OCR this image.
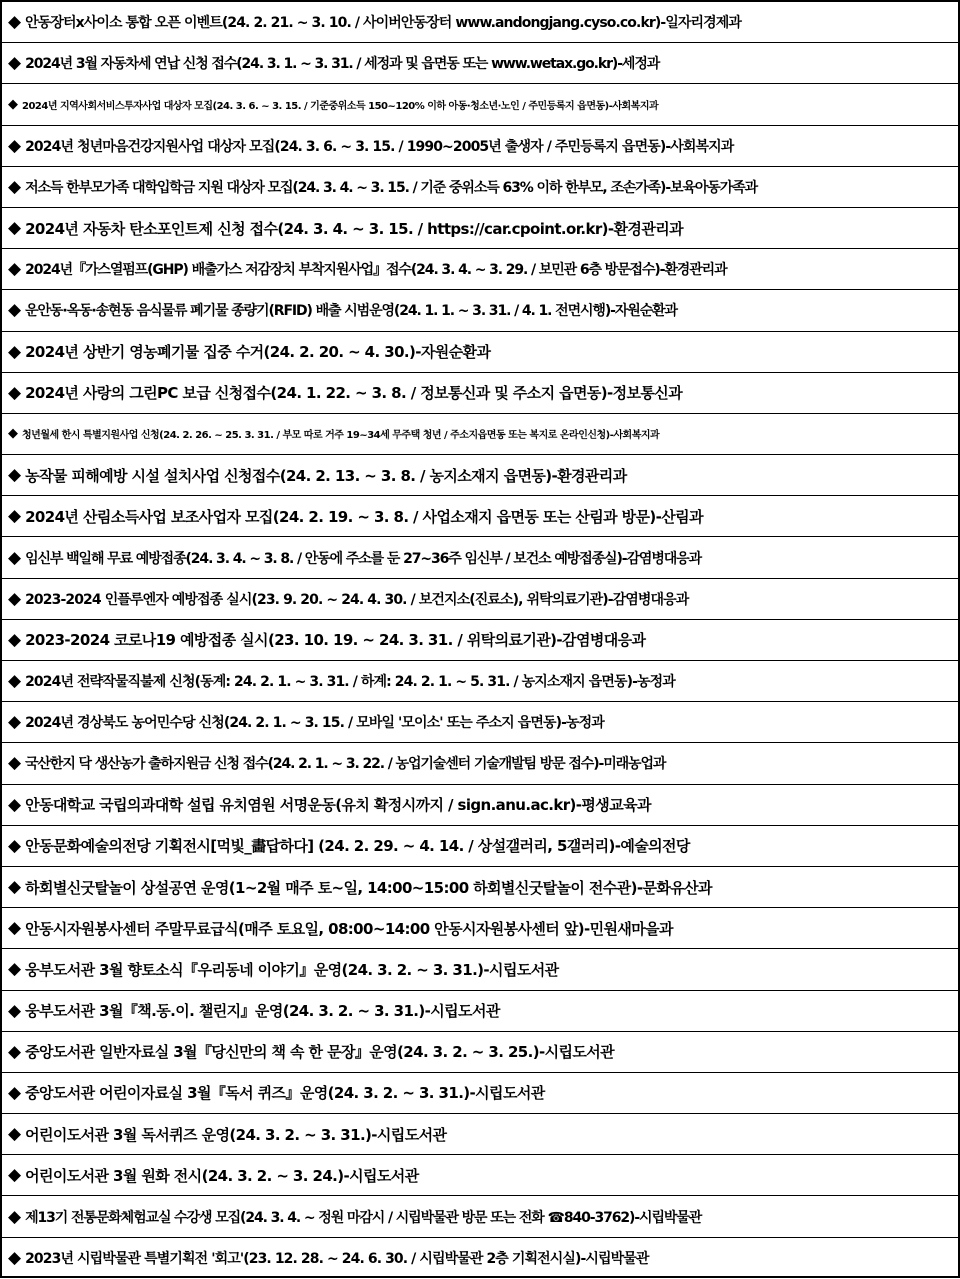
◆ 안동장터x사이소 통합 오픈 이벤트(24. 2. 21. ~ 3. 10. / 사이버안동장터 www.andongjang.cyso.co.kr)-일자리경제과
◆ 2024년 3월 자동차세 연납 신청 접수(24. 3. 1. ~ 3. 31. / 세정과 및 읍면동 또는 www.wetax.go.kr)-세정과
◆ 2024년 지역사회서비스투자사업 대상자 모집(24. 3. 6. ~ 3. 15. / 기준중위소득 150~120% 이하 아동·청소년·노인 / 주민등록지 읍면동)-사회복지과
◆ 2024년 청년마음건강지원사업 대상자 모집(24. 3. 6. ~ 3. 15. / 1990~2005년 출생자 / 주민등록지 읍면동)-사회복지과
◆ 저소득 한부모가족 대학입학금 지원 대상자 모집(24. 3. 4. ~ 3. 15. / 기준 중위소득 63% 이하 한부모, 조손가족)-보육아동가족과
◆ 2024년 자동차 탄소포인트제 신청 접수(24. 3. 4. ~ 3. 15. / https://car.cpoint.or.kr)-환경관리과
◆ 2024년『가스열펌프(GHP) 배출가스 저감장치 부착지원사업』접수(24. 3. 4. ~ 3. 29. / 보민관 6층 방문접수)-환경관리과
◆ 운안동·옥동·송현동 음식물류 폐기물 종량기(RFID) 배출 시범운영(24. 1. 1. ~ 3. 31. / 4. 1. 전면시행)-자원순환과
◆ 2024년 상반기 영농폐기물 집중 수거(24. 2. 20. ~ 4. 30.)-자원순환과
◆ 2024년 사랑의 그린PC 보급 신청접수(24. 1. 22. ~ 3. 8. / 정보통신과 및 주소지 읍면동)-정보통신과
◆ 청년월세 한시 특별지원사업 신청(24. 2. 26. ~ 25. 3. 31. / 부모 따로 거주 19~34세 무주택 청년 / 주소지읍면동 또는 복지로 온라인신청)-사회복지과
◆ 농작물 피해예방 시설 설치사업 신청접수(24. 2. 13. ~ 3. 8. / 농지소재지 읍면동)-환경관리과
◆ 2024년 산림소득사업 보조사업자 모집(24. 2. 19. ~ 3. 8. / 사업소재지 읍면동 또는 산림과 방문)-산림과
◆ 임신부 백일해 무료 예방접종(24. 3. 4. ~ 3. 8. / 안동에 주소를 둔 27~36주 임신부 / 보건소 예방접종실)-감염병대응과
◆ 2023-2024 인플루엔자 예방접종 실시(23. 9. 20. ~ 24. 4. 30. / 보건지소(진료소), 위탁의료기관)-감염병대응과
◆ 2023-2024 코로나19 예방접종 실시(23. 10. 19. ~ 24. 3. 31. / 위탁의료기관)-감염병대응과
◆ 2024년 전략작물직불제 신청(동계: 24. 2. 1. ~ 3. 31. / 하계: 24. 2. 1. ~ 5. 31. / 농지소재지 읍면동)-농정과
◆ 2024년 경상북도 농어민수당 신청(24. 2. 1. ~ 3. 15. / 모바일 '모이소' 또는 주소지 읍면동)-농정과
◆ 국산한지 닥 생산농가 출하지원금 신청 접수(24. 2. 1. ~ 3. 22. / 농업기술센터 기술개발팀 방문 접수)-미래농업과
◆ 안동대학교 국립의과대학 설립 유치염원 서명운동(유치 확정시까지 / sign.anu.ac.kr)-평생교육과
◆ 안동문화예술의전당 기획전시[먹빛_畵답하다] (24. 2. 29. ~ 4. 14. / 상설갤러리, 5갤러리)-예술의전당
◆ 하회별신굿탈놀이 상설공연 운영(1~2월 매주 토~일, 14:00~15:00 하회별신굿탈놀이 전수관)-문화유산과
◆ 안동시자원봉사센터 주말무료급식(매주 토요일, 08:00~14:00 안동시자원봉사센터 앞)-민원새마을과
◆ 웅부도서관 3월 향토소식『우리동네 이야기』운영(24. 3. 2. ~ 3. 31.)-시립도서관
◆ 웅부도서관 3월『책.동.이. 챌린지』운영(24. 3. 2. ~ 3. 31.)-시립도서관
◆ 중앙도서관 일반자료실 3월『당신만의 책 속 한 문장』운영(24. 3. 2. ~ 3. 25.)-시립도서관
◆ 중앙도서관 어린이자료실 3월『독서 퀴즈』운영(24. 3. 2. ~ 3. 31.)-시립도서관
◆ 어린이도서관 3월 독서퀴즈 운영(24. 3. 2. ~ 3. 31.)-시립도서관
◆ 어린이도서관 3월 원화 전시(24. 3. 2. ~ 3. 24.)-시립도서관
◆ 제13기 전통문화체험교실 수강생 모집(24. 3. 4. ~ 정원 마감시 / 시립박물관 방문 또는 전화 ☎840-3762)-시립박물관
◆ 2023년 시립박물관 특별기획전 '회고'(23. 12. 28. ~ 24. 6. 30. / 시립박물관 2층 기획전시실)-시립박물관
